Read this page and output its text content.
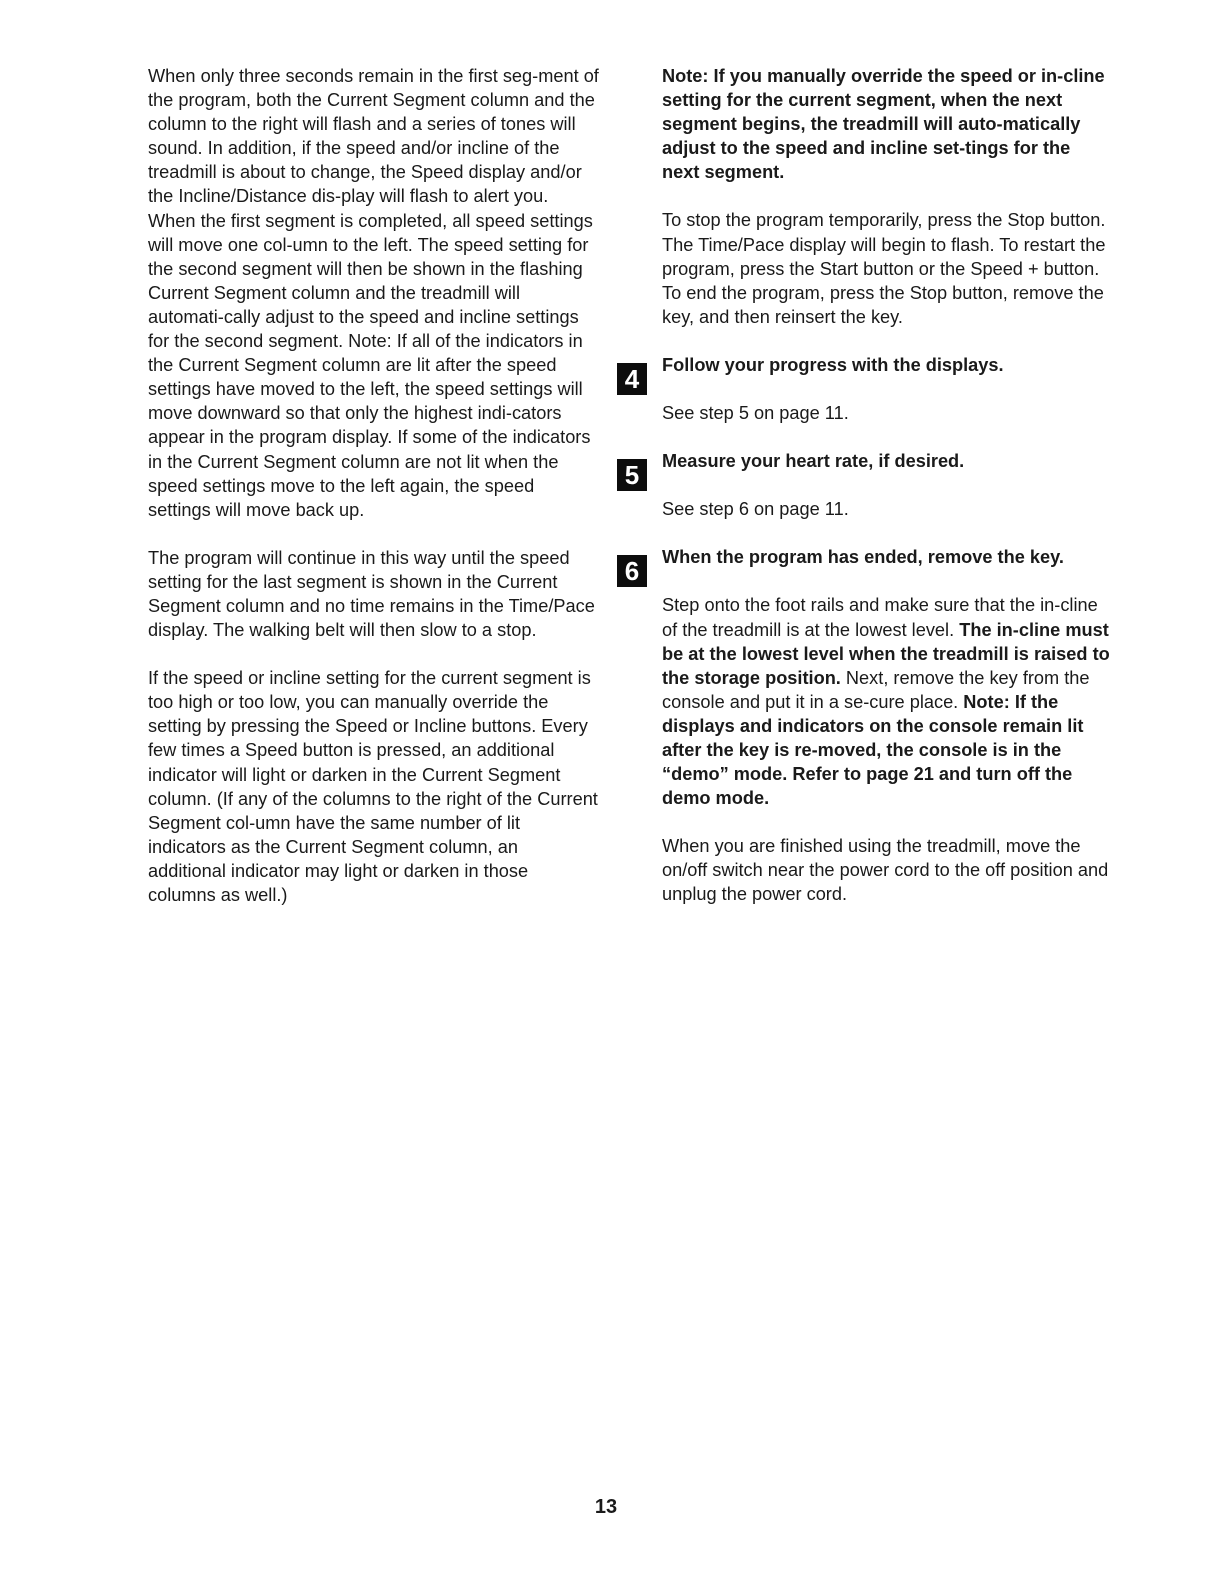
When only three seconds remain in the first seg-ment of the program, both the Current Segment column and the column to the right will flash and a series of tones will sound. In addition, if the speed and/or incline of the treadmill is about to change, the Speed display and/or the Incline/Distance dis-play will flash to alert you. When the first segment is completed, all speed settings will move one col-umn to the left. The speed setting for the second segment will then be shown in the flashing Current Segment column and the treadmill will automati-cally adjust to the speed and incline settings for the second segment. Note: If all of the indicators in the Current Segment column are lit after the speed settings have moved to the left, the speed settings will move downward so that only the highest indi-cators appear in the program display. If some of the indicators in the Current Segment column are not lit when the speed settings move to the left again, the speed settings will move back up.

The program will continue in this way until the speed setting for the last segment is shown in the Current Segment column and no time remains in the Time/Pace display. The walking belt will then slow to a stop.

If the speed or incline setting for the current segment is too high or too low, you can manually override the setting by pressing the Speed or Incline buttons. Every few times a Speed button is pressed, an additional indicator will light or darken in the Current Segment column. (If any of the columns to the right of the Current Segment col-umn have the same number of lit indicators as the Current Segment column, an additional indicator may light or darken in those columns as well.)

Note: If you manually override the speed or in-cline setting for the current segment, when the next segment begins, the treadmill will auto-matically adjust to the speed and incline set-tings for the next segment.

To stop the program temporarily, press the Stop button. The Time/Pace display will begin to flash. To restart the program, press the Start button or the Speed + button. To end the program, press the Stop button, remove the key, and then reinsert the key.

4	Follow your progress with the displays.

See step 5 on page 11.

5	Measure your heart rate, if desired.

See step 6 on page 11.

6	When the program has ended, remove the key.

Step onto the foot rails and make sure that the in-cline of the treadmill is at the lowest level. The in-cline must be at the lowest level when the treadmill is raised to the storage position. Next, remove the key from the console and put it in a se-cure place. Note: If the displays and indicators on the console remain lit after the key is re-moved, the console is in the “demo” mode. Refer to page 21 and turn off the demo mode.

When you are finished using the treadmill, move the on/off switch near the power cord to the off position and unplug the power cord.

13
